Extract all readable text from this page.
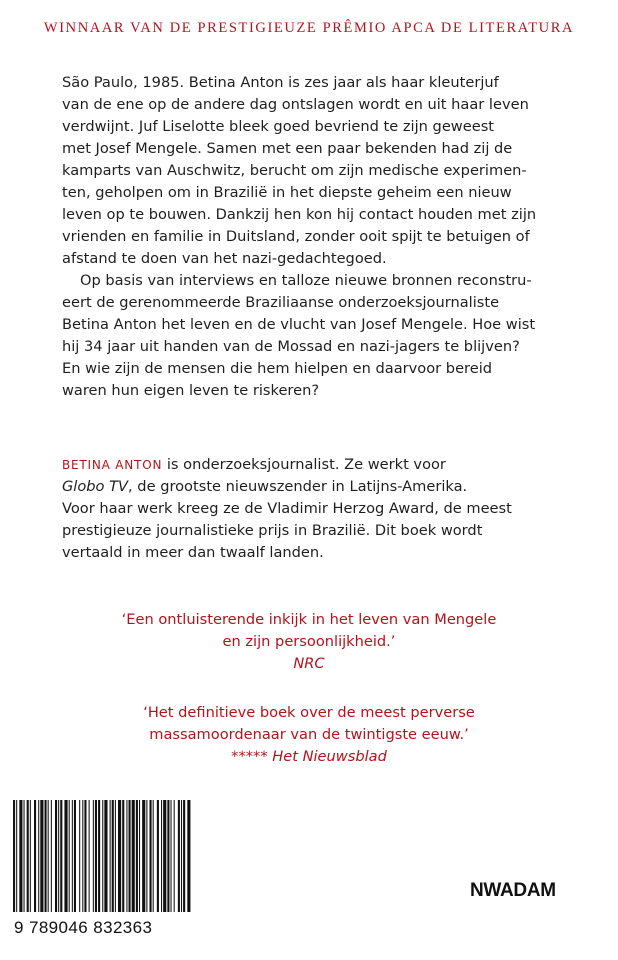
WINNAAR VAN DE PRESTIGIEUZE PRÊMIO APCA DE LITERATURA

São Paulo, 1985. Betina Anton is zes jaar als haar kleuterjuf
van de ene op de andere dag ontslagen wordt en uit haar leven
verdwijnt. Juf Liselotte bleek goed bevriend te zijn geweest
met Josef Mengele. Samen met een paar bekenden had zij de
kamparts van Auschwitz, berucht om zijn medische experimen-
ten, geholpen om in Brazilië in het diepste geheim een nieuw
leven op te bouwen. Dankzij hen kon hij contact houden met zijn
vrienden en familie in Duitsland, zonder ooit spijt te betuigen of
afstand te doen van het nazi-gedachtegoed.

Op basis van interviews en talloze nieuwe bronnen reconstru-
eert de gerenommeerde Braziliaanse onderzoeksjournaliste
Betina Anton het leven en de vlucht van Josef Mengele. Hoe wist
hij 34 jaar uit handen van de Mossad en nazi-jagers te blijven?
En wie zijn de mensen die hem hielpen en daarvoor bereid
waren hun eigen leven te riskeren?

BETINA ANTON is onderzoeksjournalist. Ze werkt voor
Globo TV, de grootste nieuwszender in Latijns-Amerika.
Voor haar werk kreeg ze de Vladimir Herzog Award, de meest
prestigieuze journalistieke prijs in Brazilië. Dit boek wordt
vertaald in meer dan twaalf landen.
‘Een ontluisterende inkijk in het leven van Mengele
en zijn persoonlijkheid.’
NRC
‘Het definitieve boek over de meest perverse
massamoordenaar van de twintigste eeuw.’
***** Het Nieuwsblad
9 789046 832363
NWADAM
